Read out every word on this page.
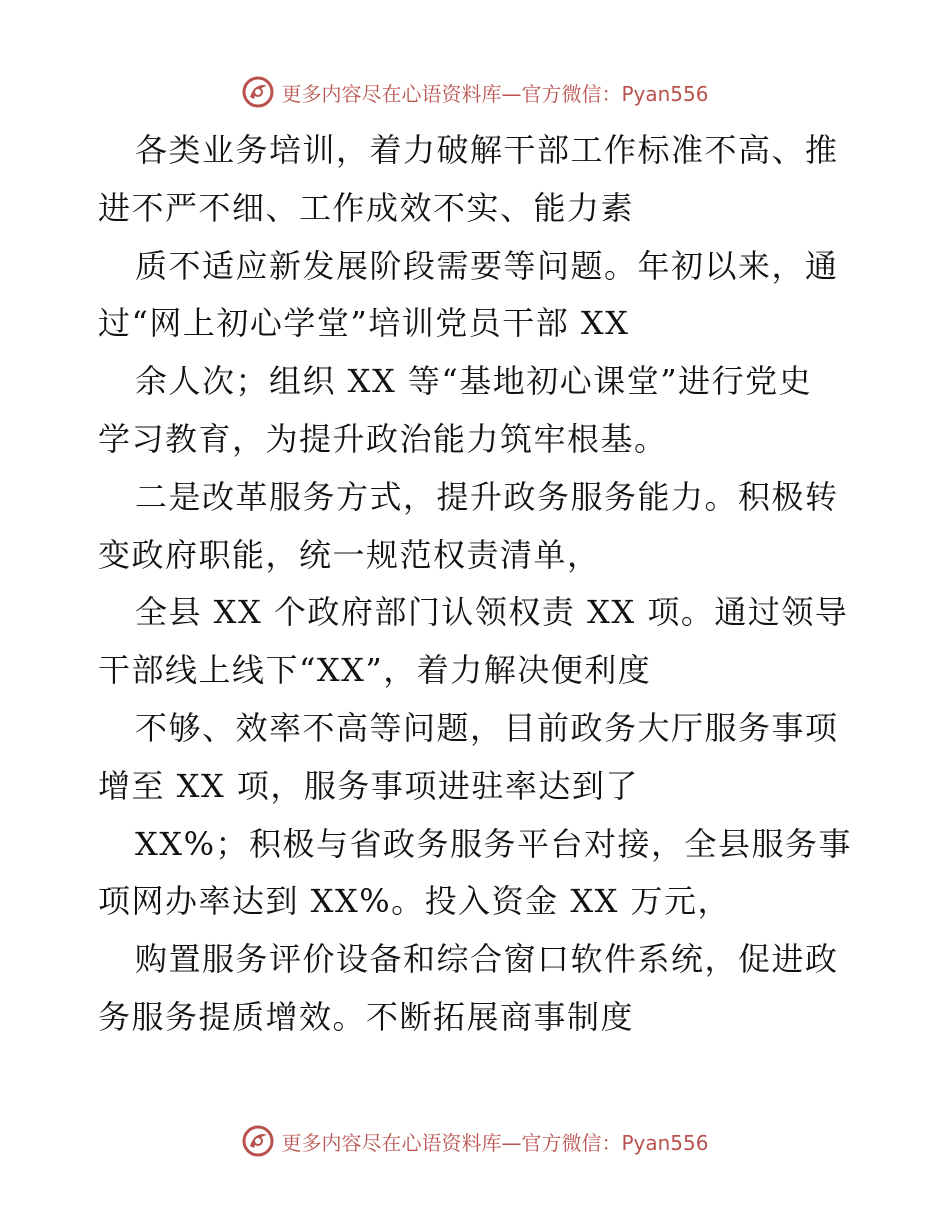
更多内容尽在心语资料库—官方微信：Pyan556
各类业务培训，着力破解干部工作标准不高、推
进不严不细、工作成效不实、能力素
质不适应新发展阶段需要等问题。年初以来，通
过“网上初心学堂”培训党员干部 XX
余人次；组织 XX 等“基地初心课堂”进行党史
学习教育，为提升政治能力筑牢根基。
二是改革服务方式，提升政务服务能力。积极转
变政府职能，统一规范权责清单，
全县 XX 个政府部门认领权责 XX 项。通过领导
干部线上线下“XX”，着力解决便利度
不够、效率不高等问题，目前政务大厅服务事项
增至 XX 项，服务事项进驻率达到了
XX%；积极与省政务服务平台对接，全县服务事
项网办率达到 XX%。投入资金 XX 万元，
购置服务评价设备和综合窗口软件系统，促进政
务服务提质增效。不断拓展商事制度
更多内容尽在心语资料库—官方微信：Pyan556
